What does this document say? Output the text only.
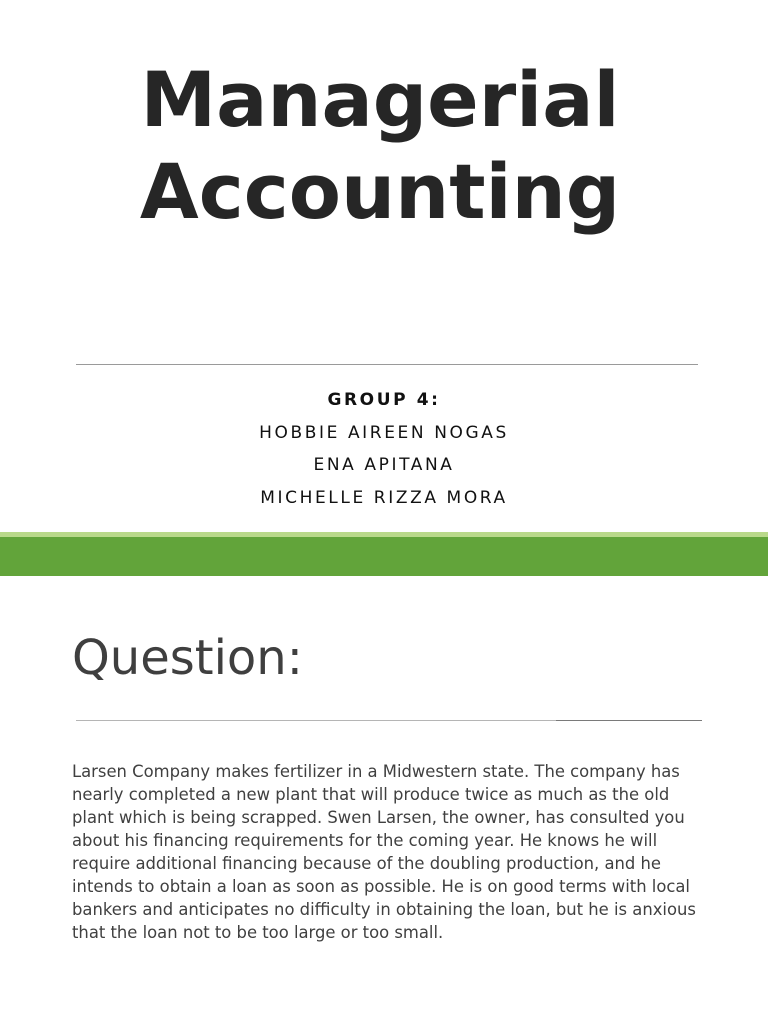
Managerial
Accounting
GROUP 4:
HOBBIE AIREEN NOGAS
ENA APITANA
MICHELLE RIZZA MORA
Question:

Larsen Company makes fertilizer in a Midwestern state. The company has nearly completed a new plant that will produce twice as much as the old plant which is being scrapped. Swen Larsen, the owner, has consulted you about his financing requirements for the coming year. He knows he will require additional financing because of the doubling production, and he intends to obtain a loan as soon as possible. He is on good terms with local bankers and anticipates no difficulty in obtaining the loan, but he is anxious that the loan not to be too large or too small.
